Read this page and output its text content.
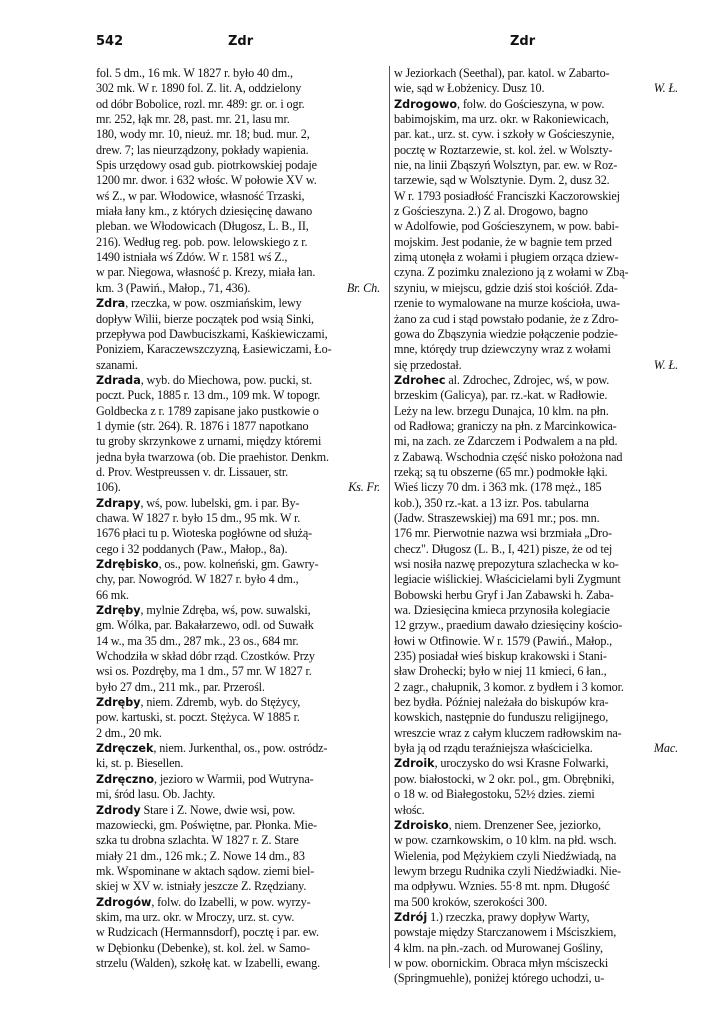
542	Zdr	Zdr
fol. 5 dm., 16 mk. W 1827 r. było 40 dm.,
302 mk. W r. 1890 fol. Z. lit. A, oddzielony
od dóbr Bobolice, rozl. mr. 489: gr. or. i ogr.
mr. 252, łąk mr. 28, past. mr. 21, lasu mr.
180, wody mr. 10, nieuż. mr. 18; bud. mur. 2,
drew. 7; las nieurządzony, pokłady wapienia.
Spis urzędowy osad gub. piotrkowskiej podaje
1200 mr. dwor. i 632 włośc. W połowie XV w.
wś Z., w par. Włodowice, własność Trzaski,
miała łany km., z których dziesięcinę dawano
pleban. we Włodowicach (Długosz, L. B., II,
216). Według reg. pob. pow. lelowskiego z r.
1490 istniała wś Zdów. W r. 1581 wś Z.,
w par. Niegowa, własność p. Krezy, miała łan.
km. 3 (Pawiń., Małop., 71, 436).	Br. Ch.
Zdra, rzeczka, w pow. oszmiańskim, lewy
dopływ Wilii, bierze początek pod wsią Sinki,
przepływa pod Dawbuciszkami, Kaśkiewiczami,
Poniziem, Karaczewszczyzną, Łasiewiczami, Ło-
szanami.
Zdrada, wyb. do Miechowa, pow. pucki, st.
poczt. Puck, 1885 r. 13 dm., 109 mk. W topogr.
Goldbecka z r. 1789 zapisane jako pustkowie o
1 dymie (str. 264). R. 1876 i 1877 napotkano
tu groby skrzynkowe z urnami, między któremi
jedna była twarzowa (ob. Die praehistor. Denkm.
d. Prov. Westpreussen v. dr. Lissauer, str.
106).	Ks. Fr.
Zdrapy, wś, pow. lubelski, gm. i par. By-
chawa. W 1827 r. było 15 dm., 95 mk. W r.
1676 płaci tu p. Wioteska pogłówne od służą-
cego i 32 poddanych (Paw., Małop., 8a).
Zdrębisko, os., pow. kolneński, gm. Gawry-
chy, par. Nowogród. W 1827 r. było 4 dm.,
66 mk.
Zdręby, mylnie Zdręba, wś, pow. suwalski,
gm. Wólka, par. Bakałarzewo, odl. od Suwałk
14 w., ma 35 dm., 287 mk., 23 os., 684 mr.
Wchodziła w skład dóbr rząd. Czostków. Przy
wsi os. Pozdręby, ma 1 dm., 57 mr. W 1827 r.
było 27 dm., 211 mk., par. Przerośl.
Zdręby, niem. Zdremb, wyb. do Stężycy,
pow. kartuski, st. poczt. Stężyca. W 1885 r.
2 dm., 20 mk.
Zdręczek, niem. Jurkenthal, os., pow. ostródz-
ki, st. p. Biesellen.
Zdręczno, jezioro w Warmii, pod Wutryna-
mi, śród lasu. Ob. Jachty.
Zdrody Stare i Z. Nowe, dwie wsi, pow.
mazowiecki, gm. Poświętne, par. Płonka. Mie-
szka tu drobna szlachta. W 1827 r. Z. Stare
miały 21 dm., 126 mk.; Z. Nowe 14 dm., 83
mk. Wspominane w aktach sądow. ziemi biel-
skiej w XV w. istniały jeszcze Z. Rzędziany.
Zdrogów, folw. do Izabelli, w pow. wyrzy-
skim, ma urz. okr. w Mroczy, urz. st. cyw.
w Rudzicach (Hermannsdorf), pocztę i par. ew.
w Dębionku (Debenke), st. kol. żel. w Samo-
strzelu (Walden), szkołę kat. w Izabelli, ewang.
w Jeziorkach (Seethal), par. katol. w Zabarto-
wie, sąd w Łobżenicy. Dusz 10.	W. Ł.
Zdrogowo, folw. do Gościeszyna, w pow.
babimojskim, ma urz. okr. w Rakoniewicach,
par. kat., urz. st. cyw. i szkoły w Gościeszynie,
pocztę w Roztarzewie, st. kol. żel. w Wolszty-
nie, na linii Zbąszyń Wolsztyn, par. ew. w Roz-
tarzewie, sąd w Wolsztynie. Dym. 2, dusz 32.
W r. 1793 posiadłość Franciszki Kaczorowskiej
z Gościeszyna. 2.) Z al. Drogowo, bagno
w Adolfowie, pod Gościeszynem, w pow. babi-
mojskim. Jest podanie, że w bagnie tem przed
zimą utonęła z wołami i pługiem orząca dziew-
czyna. Z pozimku znaleziono ją z wołami w Zbą-
szyniu, w miejscu, gdzie dziś stoi kościół. Zda-
rzenie to wymalowane na murze kościoła, uwa-
żano za cud i stąd powstało podanie, że z Zdro-
gowa do Zbąszynia wiedzie połączenie podzie-
mne, którędy trup dziewczyny wraz z wołami
się przedostał.	W. Ł.
Zdrohec al. Zdrochec, Zdrojec, wś, w pow.
brzeskim (Galicya), par. rz.-kat. w Radłowie.
Leży na lew. brzegu Dunajca, 10 klm. na płn.
od Radłowa; graniczy na płn. z Marcinkowica-
mi, na zach. ze Zdarczem i Podwalem a na płd.
z Zabawą. Wschodnia część nisko położona nad
rzeką; są tu obszerne (65 mr.) podmokłe łąki.
Wieś liczy 70 dm. i 363 mk. (178 męż., 185
kob.), 350 rz.-kat. a 13 izr. Pos. tabularna
(Jadw. Straszewskiej) ma 691 mr.; pos. mn.
176 mr. Pierwotnie nazwa wsi brzmiała „Dro-
checz". Długosz (L. B., I, 421) pisze, że od tej
wsi nosiła nazwę prepozytura szlachecka w ko-
legiacie wiślickiej. Właścicielami byli Zygmunt
Bobowski herbu Gryf i Jan Zabawski h. Zaba-
wa. Dziesięcina kmieca przynosiła kolegiacie
12 grzyw., praedium dawało dziesięciny kościo-
łowi w Otfinowie. W r. 1579 (Pawiń., Małop.,
235) posiadał wieś biskup krakowski i Stani-
sław Drohecki; było w niej 11 kmieci, 6 łan.,
2 zagr., chałupnik, 3 komor. z bydłem i 3 komor.
bez bydła. Później należała do biskupów kra-
kowskich, następnie do funduszu religijnego,
wreszcie wraz z całym kluczem radłowskim na-
była ją od rządu teraźniejsza właścicielka.	Mac.
Zdroik, uroczysko do wsi Krasne Folwarki,
pow. białostocki, w 2 okr. pol., gm. Obrębniki,
o 18 w. od Białegostoku, 52½ dzies. ziemi
włośc.
Zdroisko, niem. Drenzener See, jeziorko,
w pow. czarnkowskim, o 10 klm. na płd. wsch.
Wielenia, pod Mężykiem czyli Niedźwiadą, na
lewym brzegu Rudnika czyli Niedźwiadki. Nie-
ma odpływu. Wznies. 55·8 mt. npm. Długość
ma 500 kroków, szerokości 300.
Zdrój 1.) rzeczka, prawy dopływ Warty,
powstaje między Starczanowem i Mściszkiem,
4 klm. na płn.-zach. od Murowanej Gośliny,
w pow. obornickim. Obraca młyn mściszecki
(Springmuehle), poniżej którego uchodzi, u-
